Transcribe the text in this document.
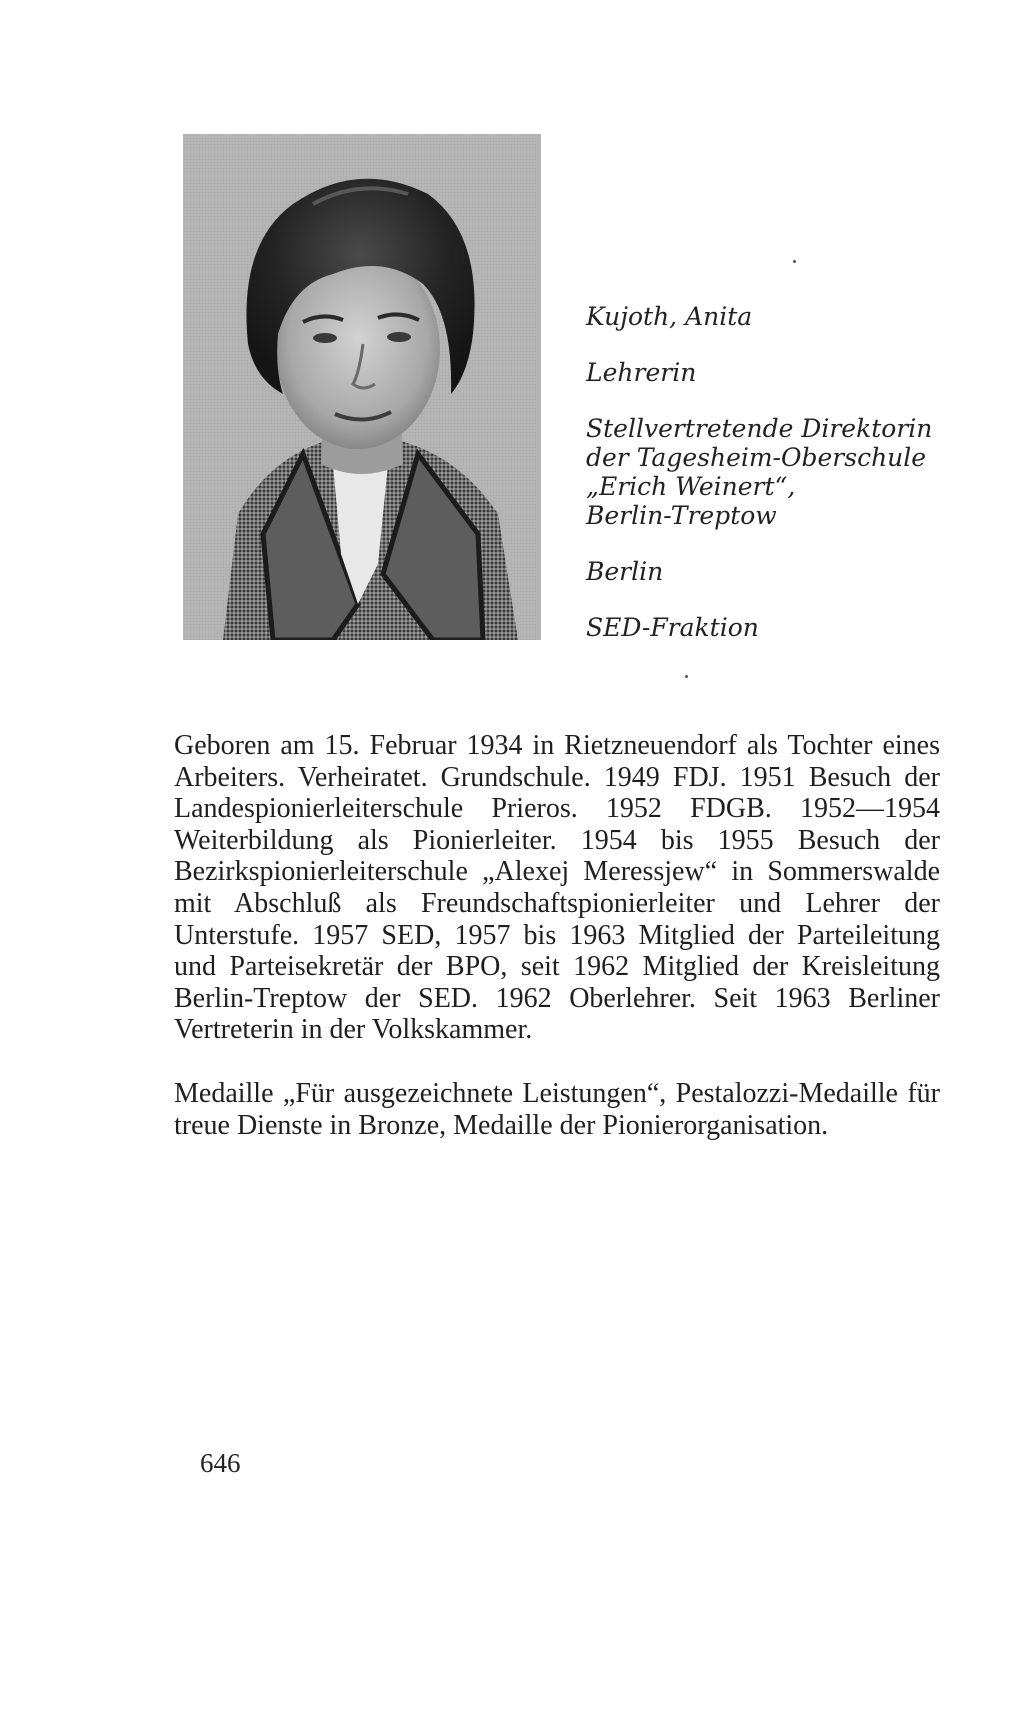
Kujoth, Anita

Lehrerin

Stellvertretende Direktorin
der Tagesheim-Oberschule
„Erich Weinert“,
Berlin-Treptow

Berlin

SED-Fraktion

Geboren am 15. Februar 1934 in Rietzneuendorf als Tochter eines Arbeiters. Verheiratet. Grundschule. 1949 FDJ. 1951 Besuch der Landespionierleiterschule Prieros. 1952 FDGB. 1952—1954 Weiterbildung als Pionierleiter. 1954 bis 1955 Besuch der Bezirkspionierleiterschule „Alexej Meressjew“ in Sommerswalde mit Abschluß als Freundschaftspionierleiter und Lehrer der Unterstufe. 1957 SED, 1957 bis 1963 Mitglied der Parteileitung und Parteisekretär der BPO, seit 1962 Mitglied der Kreisleitung Berlin-Treptow der SED. 1962 Oberlehrer. Seit 1963 Berliner Vertreterin in der Volkskammer.

Medaille „Für ausgezeichnete Leistungen“, Pestalozzi-Medaille für treue Dienste in Bronze, Medaille der Pionierorganisation.

646
